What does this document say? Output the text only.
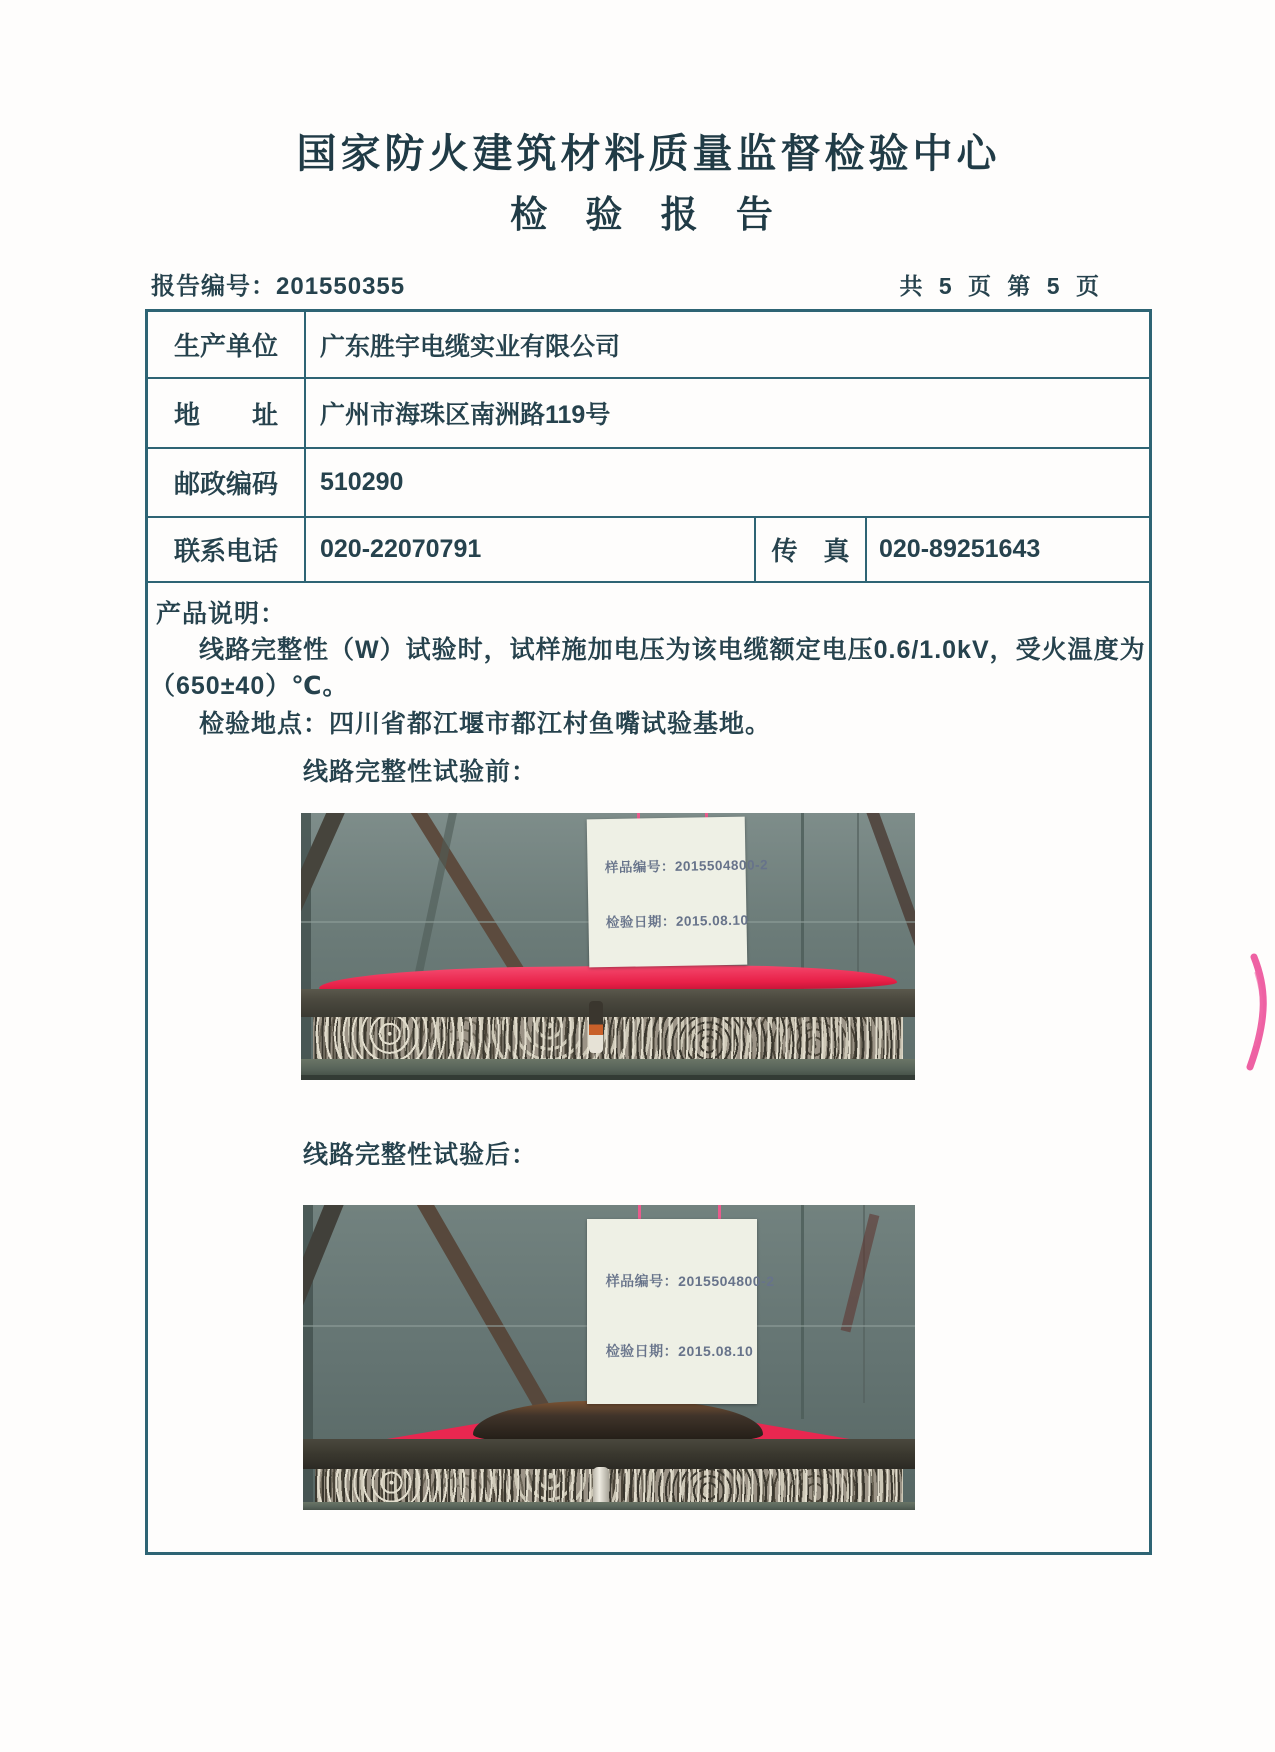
国家防火建筑材料质量监督检验中心
检 验 报 告
报告编号：201550355	共 5 页 第 5 页
生产单位	广东胜宇电缆实业有限公司
地　　址	广州市海珠区南洲路119号
邮政编码	510290
联系电话	020-22070791	传　真	020-89251643
产品说明：
线路完整性（W）试验时，试样施加电压为该电缆额定电压0.6/1.0kV，受火温度为
（650±40）℃。
检验地点：四川省都江堰市都江村鱼嘴试验基地。
线路完整性试验前：
样品编号：2015504800-2
检验日期：2015.08.10
线路完整性试验后：
样品编号：2015504800-2
检验日期：2015.08.10
